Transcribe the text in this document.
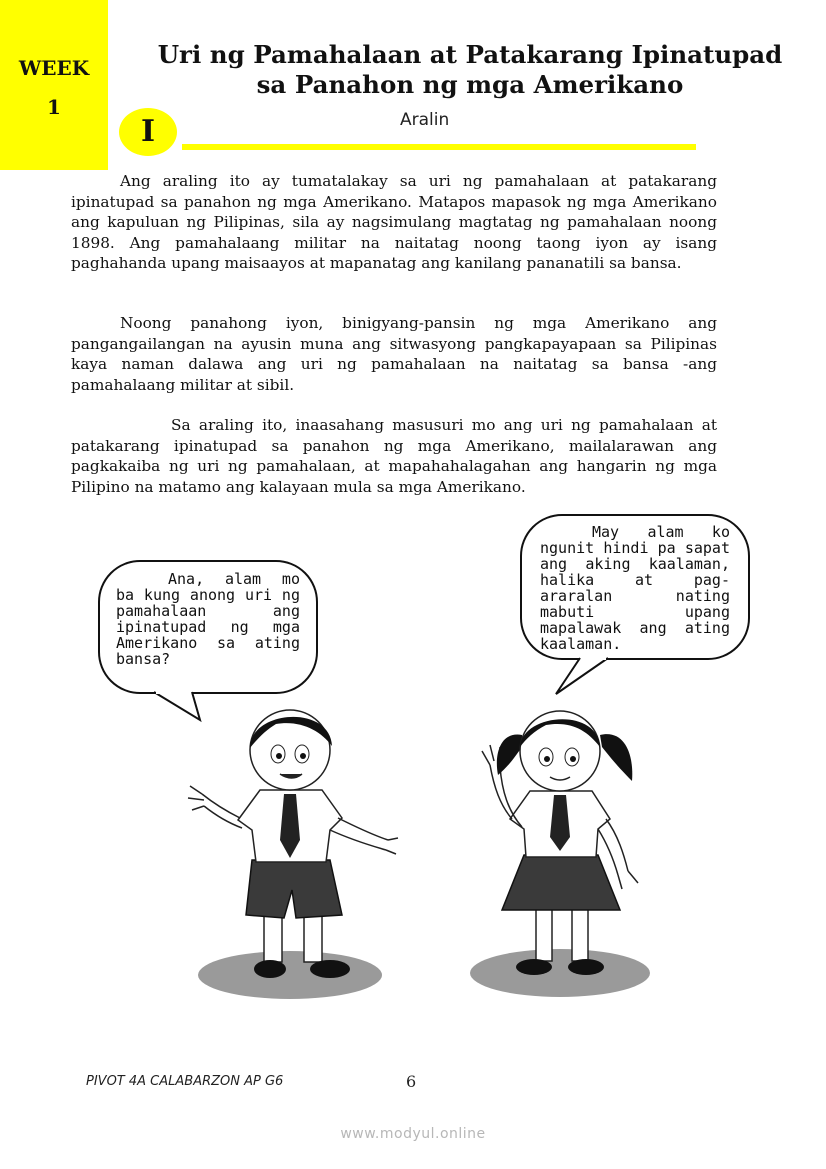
WEEK
1
Uri ng Pamahalaan at Patakarang Ipinatupad
sa Panahon ng mga Amerikano
I	Aralin

Ang araling ito ay tumatalakay sa uri ng pamahalaan at patakarang ipinatupad sa panahon ng mga Amerikano. Matapos mapasok ng mga Amerikano ang kapuluan ng Pilipinas, sila ay nagsimulang magtatag ng pamahalaan noong 1898. Ang pamahalaang militar na naitatag noong taong iyon ay isang paghahanda upang maisaayos at mapanatag ang kanilang pananatili sa bansa.

Noong panahong iyon, binigyang-pansin ng mga Amerikano ang pangangailangan na ayusin muna ang sitwasyong pangkapayapaan sa Pilipinas kaya naman dalawa ang uri ng pamahalaan na naitatag sa bansa -ang pamahalaang militar at sibil.

Sa araling ito, inaasahang masusuri mo ang uri ng pamahalaan at patakarang ipinatupad sa panahon ng mga Amerikano, mailalarawan ang pagkakaiba ng uri ng pamahalaan, at mapahahalagahan ang hangarin ng mga Pilipino na matamo ang kalayaan mula sa mga Amerikano.

Ana, alam mo ba kung anong uri ng pamahalaan ang ipinatupad ng mga Amerikano sa ating bansa?
May alam ko ngunit hindi pa sapat ang aking kaalaman, halika at pag-araralan nating mabuti upang mapalawak ang ating kaalaman.
PIVOT 4A CALABARZON AP G6	6
www.modyul.online
